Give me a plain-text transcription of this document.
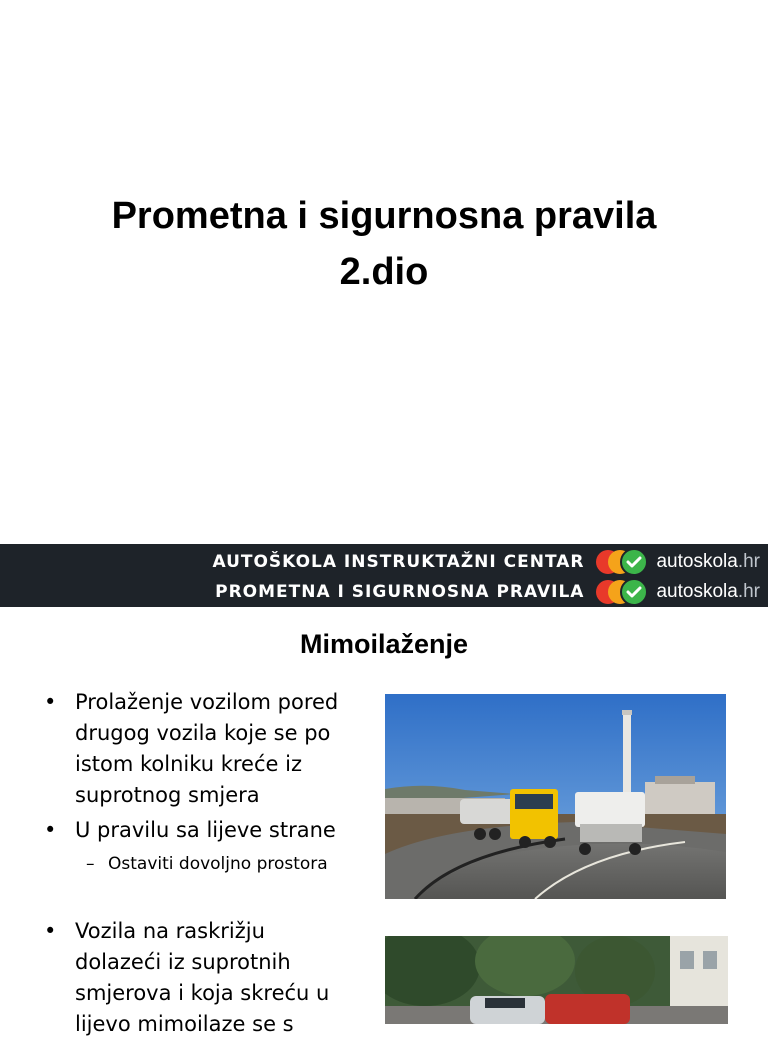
Prometna i sigurnosna pravila
2.dio
AUTOŠKOLA INSTRUKTAŽNI CENTAR	autoskola.hr
PROMETNA I SIGURNOSNA PRAVILA	autoskola.hr
Mimoilaženje
• Prolaženje vozilom pored drugog vozila koje se po istom kolniku kreće iz suprotnog smjera
• U pravilu sa lijeve strane
– Ostaviti dovoljno prostora
• Vozila na raskrižju dolazeći iz suprotnih smjerova i koja skreću u lijevo mimoilaze se s
